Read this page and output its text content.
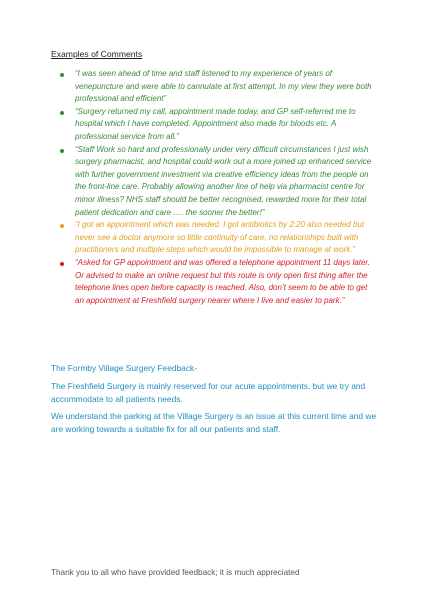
Examples of Comments
“I was seen ahead of time and staff listened to my experience of years of venepuncture and were able to cannulate at first attempt. In my view they were both professional and efficient”
“Surgery returned my call, appointment made today, and GP self-referred me to hospital which I have completed. Appointment also made for bloods etc. A professional service from all.”
“Staff Work so hard and professionally under very difficult circumstances I just wish surgery pharmacist, and hospital could work out a more joined up enhanced service with further government investment via creative efficiency ideas from the people on the front-line care. Probably allowing another line of help via pharmacist centre for minor illness? NHS staff should be better recognised, rewarded more for their total patient dedication and care …. the sooner the better!”
“I got an appointment which was needed. I got antibiotics by 2:20 also needed but never see a doctor anymore so little continuity of care, no relationships built with practitioners and multiple steps which would be impossible to manage at work.”
“Asked for GP appointment and was offered a telephone appointment 11 days later. Or advised to make an online request but this route is only open first thing after the telephone lines open before capacity is reached. Also, don’t seem to be able to get an appointment at Freshfield surgery nearer where I live and easier to park.”

The Formby Village Surgery Feedback-

The Freshfield Surgery is mainly reserved for our acute appointments, but we try and accommodate to all patients needs.

We understand the parking at the Village Surgery is an issue at this current time and we are working towards a suitable fix for all our patients and staff.

Thank you to all who have provided feedback; it is much appreciated
